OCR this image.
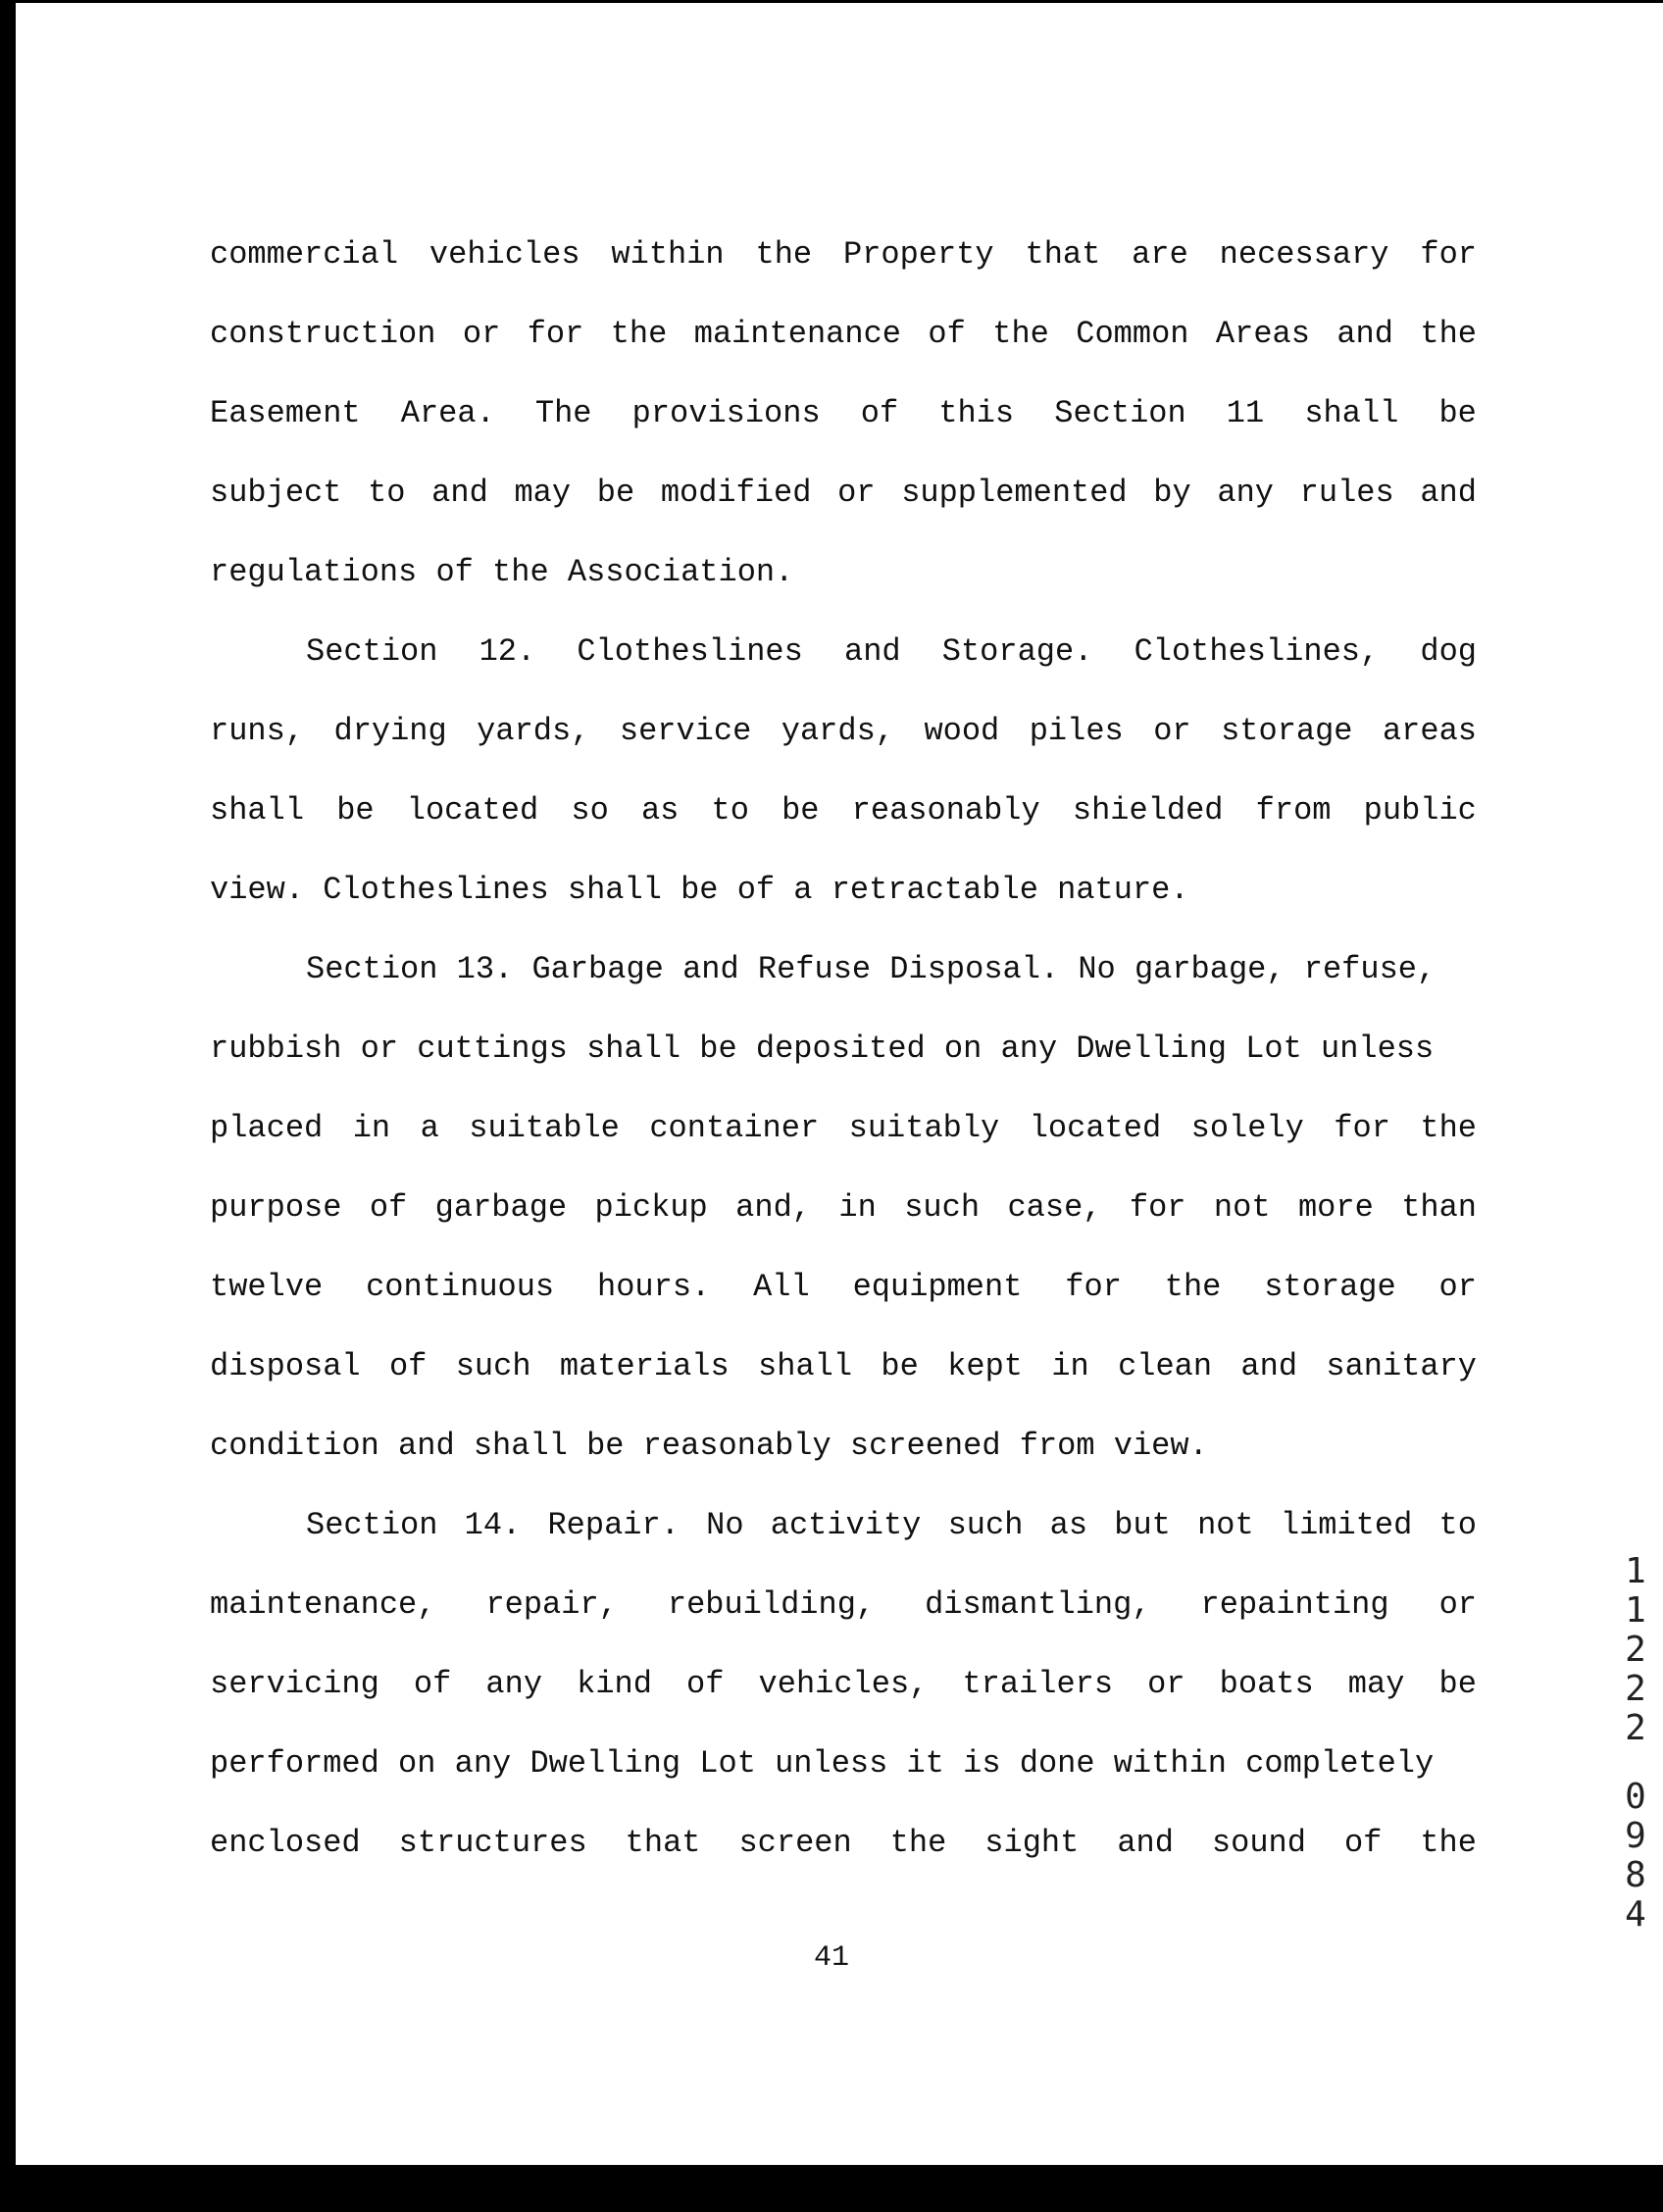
commercial vehicles within the Property that are necessary for
construction or for the maintenance of the Common Areas and the
Easement Area. The provisions of this Section 11 shall be
subject to and may be modified or supplemented by any rules and
regulations of the Association.
Section 12. Clotheslines and Storage. Clotheslines, dog
runs, drying yards, service yards, wood piles or storage areas
shall be located so as to be reasonably shielded from public
view. Clotheslines shall be of a retractable nature.
Section 13. Garbage and Refuse Disposal. No garbage, refuse,
rubbish or cuttings shall be deposited on any Dwelling Lot unless
placed in a suitable container suitably located solely for the
purpose of garbage pickup and, in such case, for not more than
twelve continuous hours. All equipment for the storage or
disposal of such materials shall be kept in clean and sanitary
condition and shall be reasonably screened from view.
Section 14. Repair. No activity such as but not limited to
maintenance, repair, rebuilding, dismantling, repainting or
servicing of any kind of vehicles, trailers or boats may be
performed on any Dwelling Lot unless it is done within completely
enclosed structures that screen the sight and sound of the
41
1
1
2
2
2
0
9
8
4
